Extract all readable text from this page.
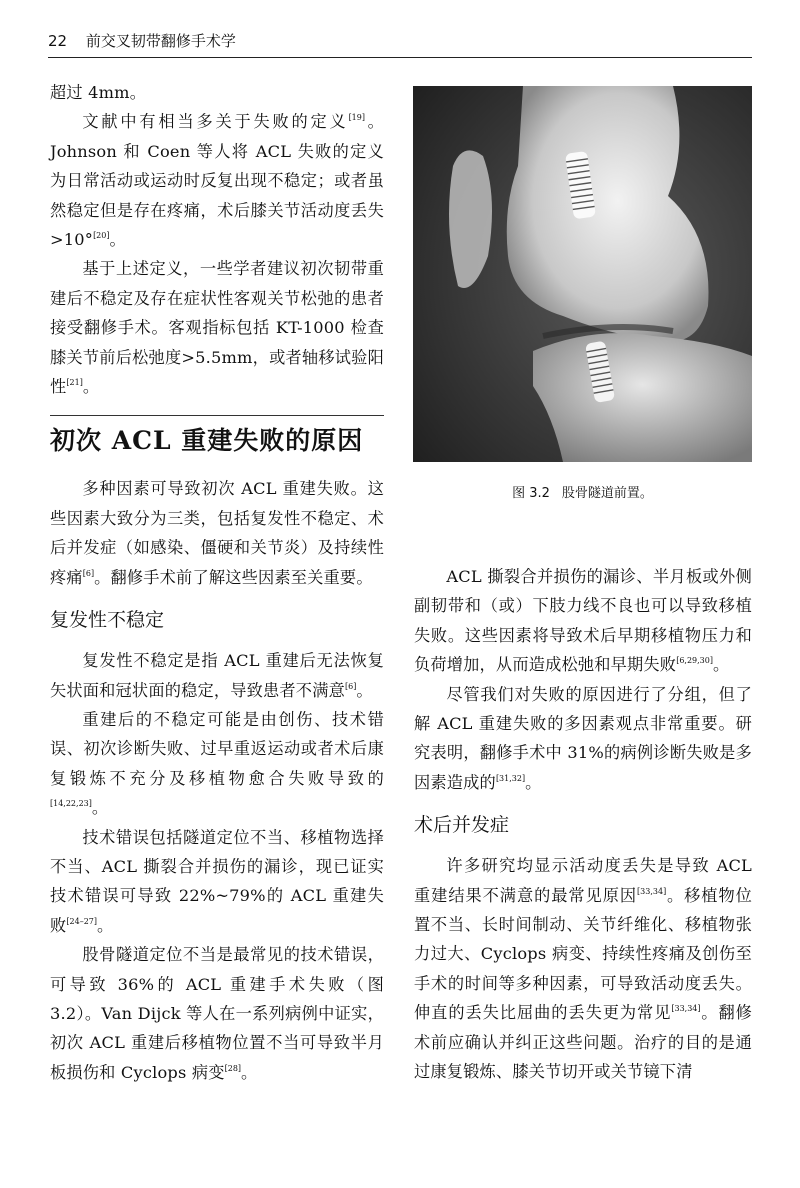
22 前交叉韧带翻修手术学

超过 4mm。

文献中有相当多关于失败的定义[19]。Johnson 和 Coen 等人将 ACL 失败的定义为日常活动或运动时反复出现不稳定；或者虽然稳定但是存在疼痛，术后膝关节活动度丢失>10°[20]。

基于上述定义，一些学者建议初次韧带重建后不稳定及存在症状性客观关节松弛的患者接受翻修手术。客观指标包括 KT-1000 检查膝关节前后松弛度>5.5mm，或者轴移试验阳性[21]。

初次 ACL 重建失败的原因

多种因素可导致初次 ACL 重建失败。这些因素大致分为三类，包括复发性不稳定、术后并发症（如感染、僵硬和关节炎）及持续性疼痛[6]。翻修手术前了解这些因素至关重要。

复发性不稳定

复发性不稳定是指 ACL 重建后无法恢复矢状面和冠状面的稳定，导致患者不满意[6]。

重建后的不稳定可能是由创伤、技术错误、初次诊断失败、过早重返运动或者术后康复锻炼不充分及移植物愈合失败导致的[14,22,23]。

技术错误包括隧道定位不当、移植物选择不当、ACL 撕裂合并损伤的漏诊，现已证实技术错误可导致 22%~79%的 ACL 重建失败[24–27]。

股骨隧道定位不当是最常见的技术错误，可导致 36%的 ACL 重建手术失败（图 3.2）。Van Dijck 等人在一系列病例中证实，初次 ACL 重建后移植物位置不当可导致半月板损伤和 Cyclops 病变[28]。

图 3.2 股骨隧道前置。

ACL 撕裂合并损伤的漏诊、半月板或外侧副韧带和（或）下肢力线不良也可以导致移植失败。这些因素将导致术后早期移植物压力和负荷增加，从而造成松弛和早期失败[6,29,30]。

尽管我们对失败的原因进行了分组，但了解 ACL 重建失败的多因素观点非常重要。研究表明，翻修手术中 31%的病例诊断失败是多因素造成的[31,32]。

术后并发症

许多研究均显示活动度丢失是导致 ACL 重建结果不满意的最常见原因[33,34]。移植物位置不当、长时间制动、关节纤维化、移植物张力过大、Cyclops 病变、持续性疼痛及创伤至手术的时间等多种因素，可导致活动度丢失。伸直的丢失比屈曲的丢失更为常见[33,34]。翻修术前应确认并纠正这些问题。治疗的目的是通过康复锻炼、膝关节切开或关节镜下清
